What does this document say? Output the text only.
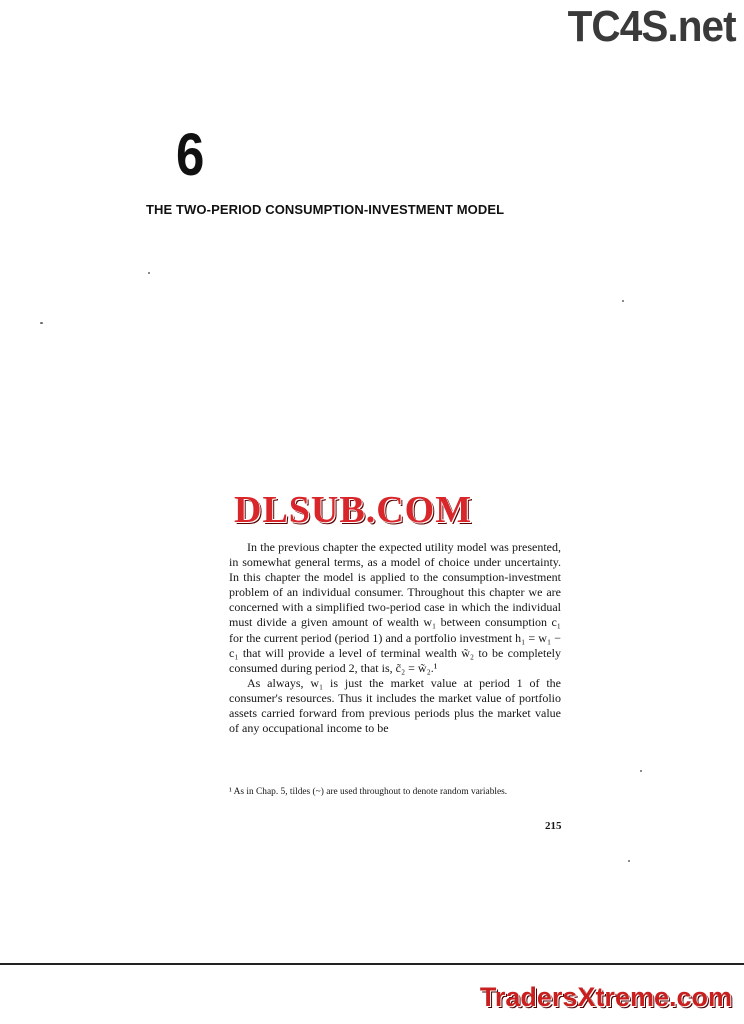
TC4S.net
6
THE TWO-PERIOD CONSUMPTION-INVESTMENT MODEL
DLSUB.COM

In the previous chapter the expected utility model was presented, in somewhat general terms, as a model of choice under uncertainty. In this chapter the model is applied to the consumption-investment problem of an individual consumer. Throughout this chapter we are concerned with a simplified two-period case in which the individual must divide a given amount of wealth w₁ between consumption c₁ for the current period (period 1) and a portfolio investment h₁ = w₁ − c₁ that will provide a level of terminal wealth w̃₂ to be completely consumed during period 2, that is, c̃₂ = w̃₂.¹

As always, w₁ is just the market value at period 1 of the consumer's resources. Thus it includes the market value of portfolio assets carried forward from previous periods plus the market value of any occupational income to be

¹ As in Chap. 5, tildes (~) are used throughout to denote random variables.
215
TradersXtreme.com
